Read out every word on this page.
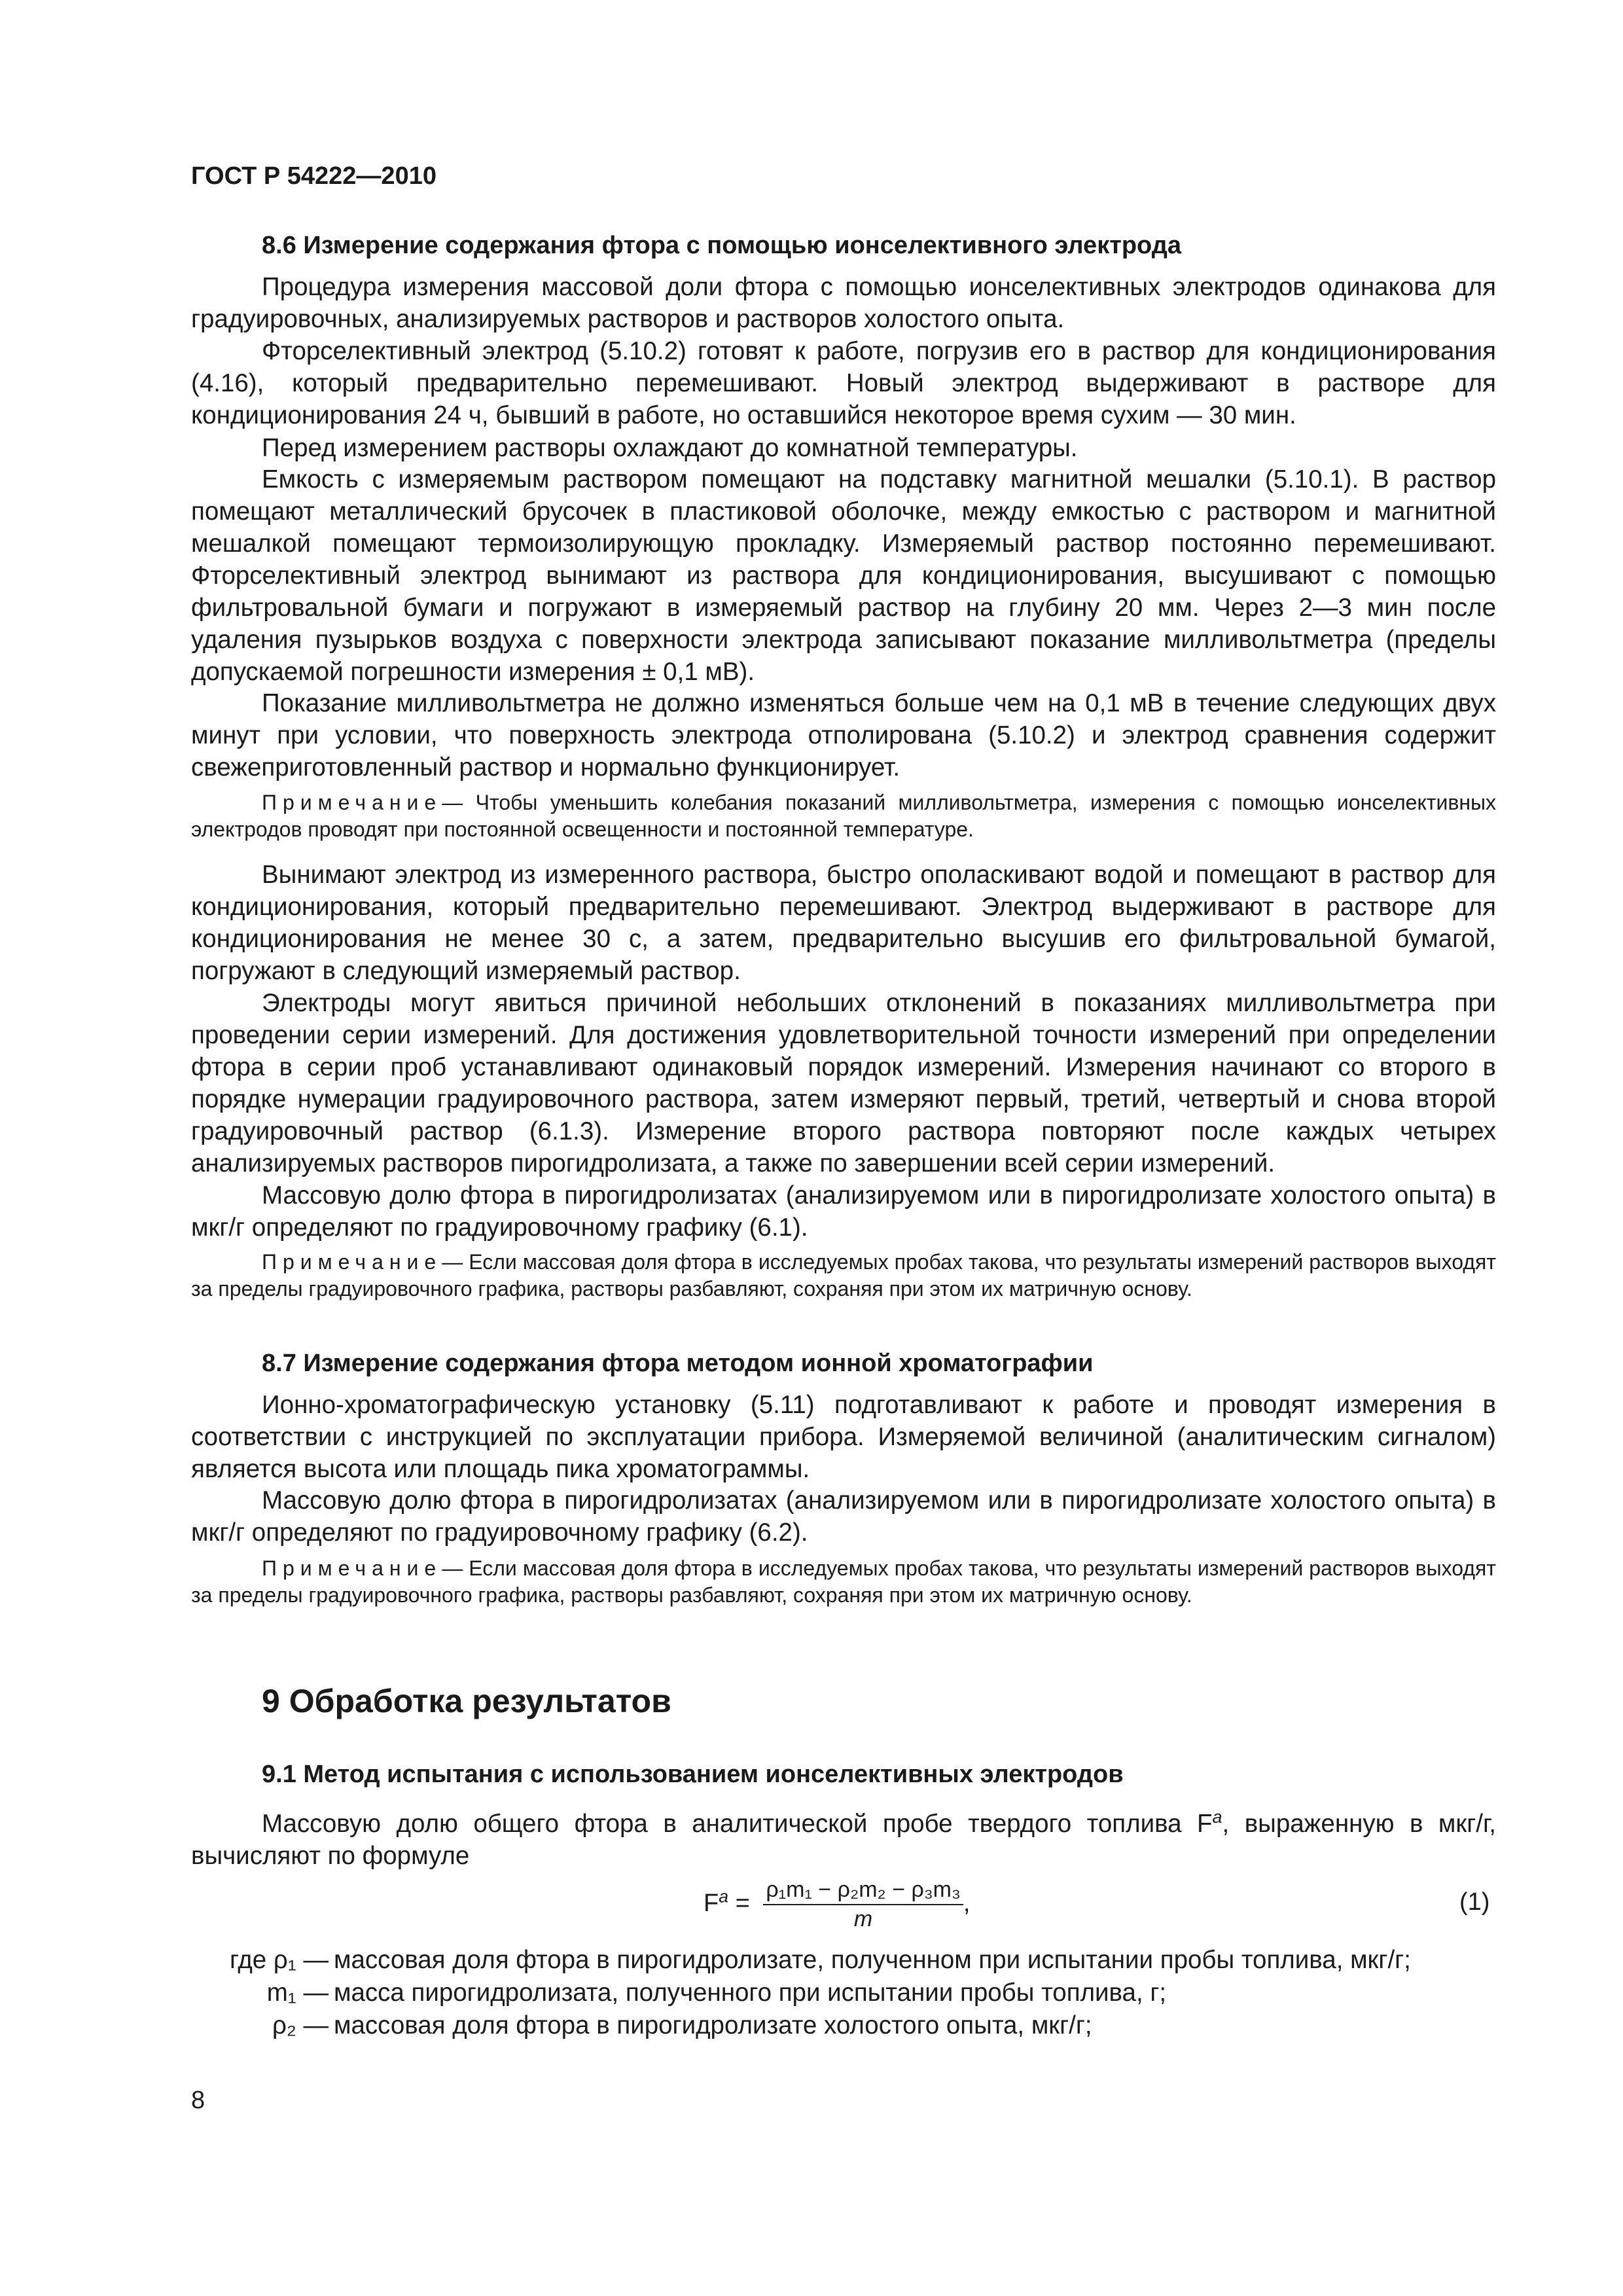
ГОСТ Р 54222—2010
8.6 Измерение содержания фтора с помощью ионселективного электрода

Процедура измерения массовой доли фтора с помощью ионселективных электродов одинакова для градуировочных, анализируемых растворов и растворов холостого опыта.

Фторселективный электрод (5.10.2) готовят к работе, погрузив его в раствор для кондиционирования (4.16), который предварительно перемешивают. Новый электрод выдерживают в растворе для кондиционирования 24 ч, бывший в работе, но оставшийся некоторое время сухим — 30 мин.

Перед измерением растворы охлаждают до комнатной температуры.

Емкость с измеряемым раствором помещают на подставку магнитной мешалки (5.10.1). В раствор помещают металлический брусочек в пластиковой оболочке, между емкостью с раствором и магнитной мешалкой помещают термоизолирующую прокладку. Измеряемый раствор постоянно перемешивают. Фторселективный электрод вынимают из раствора для кондиционирования, высушивают с помощью фильтровальной бумаги и погружают в измеряемый раствор на глубину 20 мм. Через 2—3 мин после удаления пузырьков воздуха с поверхности электрода записывают показание милливольтметра (пределы допускаемой погрешности измерения ± 0,1 мВ).

Показание милливольтметра не должно изменяться больше чем на 0,1 мВ в течение следующих двух минут при условии, что поверхность электрода отполирована (5.10.2) и электрод сравнения содержит свежеприготовленный раствор и нормально функционирует.

Примечание— Чтобы уменьшить колебания показаний милливольтметра, измерения с помощью ионселективных электродов проводят при постоянной освещенности и постоянной температуре.

Вынимают электрод из измеренного раствора, быстро ополаскивают водой и помещают в раствор для кондиционирования, который предварительно перемешивают. Электрод выдерживают в растворе для кондиционирования не менее 30 с, а затем, предварительно высушив его фильтровальной бумагой, погружают в следующий измеряемый раствор.

Электроды могут явиться причиной небольших отклонений в показаниях милливольтметра при проведении серии измерений. Для достижения удовлетворительной точности измерений при определении фтора в серии проб устанавливают одинаковый порядок измерений. Измерения начинают со второго в порядке нумерации градуировочного раствора, затем измеряют первый, третий, четвертый и снова второй градуировочный раствор (6.1.3). Измерение второго раствора повторяют после каждых четырех анализируемых растворов пирогидролизата, а также по завершении всей серии измерений.

Массовую долю фтора в пирогидролизатах (анализируемом или в пирогидролизате холостого опыта) в мкг/г определяют по градуировочному графику (6.1).

Примечание— Если массовая доля фтора в исследуемых пробах такова, что результаты измерений растворов выходят за пределы градуировочного графика, растворы разбавляют, сохраняя при этом их матричную основу.

8.7 Измерение содержания фтора методом ионной хроматографии

Ионно-хроматографическую установку (5.11) подготавливают к работе и проводят измерения в соответствии с инструкцией по эксплуатации прибора. Измеряемой величиной (аналитическим сигналом) является высота или площадь пика хроматограммы.

Массовую долю фтора в пирогидролизатах (анализируемом или в пирогидролизате холостого опыта) в мкг/г определяют по градуировочному графику (6.2).

Примечание— Если массовая доля фтора в исследуемых пробах такова, что результаты измерений растворов выходят за пределы градуировочного графика, растворы разбавляют, сохраняя при этом их матричную основу.

9 Обработка результатов
9.1 Метод испытания с использованием ионселективных электродов

Массовую долю общего фтора в аналитической пробе твердого топлива $F^a$, выраженную в мкг/г, вычисляют по формуле

$F^a = \frac{\text{ρ₁m₁ − ρ₂m₂ − ρ₃m₃}}{m}$ ,	(1)
где ρ₁ — массовая доля фтора в пирогидролизате, полученном при испытании пробы топлива, мкг/г;
m₁ — масса пирогидролизата, полученного при испытании пробы топлива, г;
ρ₂ — массовая доля фтора в пирогидролизате холостого опыта, мкг/г;
8
